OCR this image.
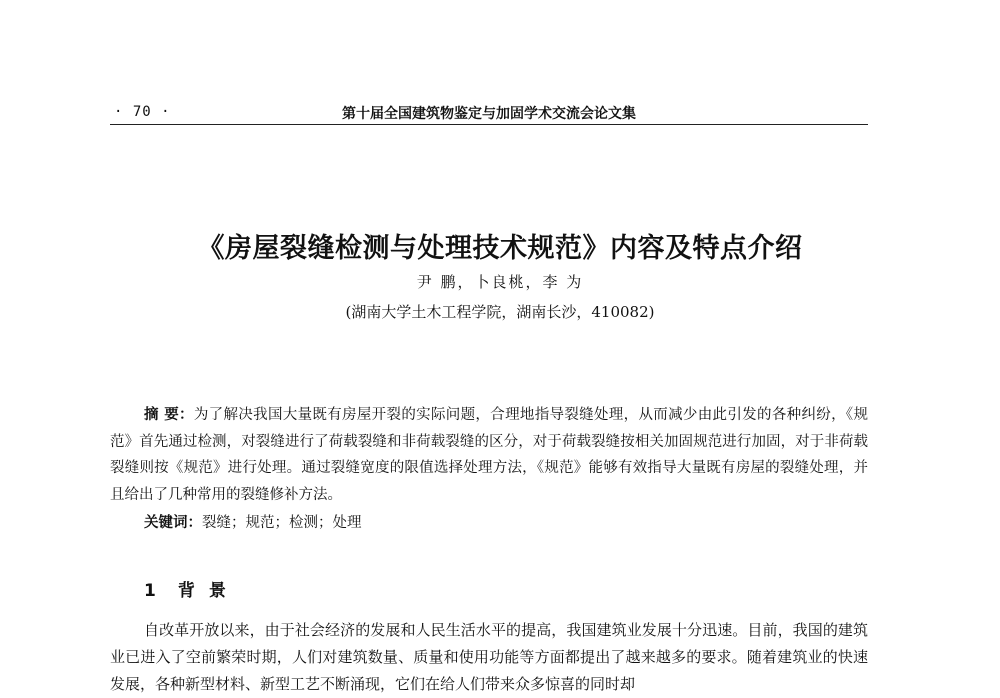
· 70 ·	第十届全国建筑物鉴定与加固学术交流会论文集
《房屋裂缝检测与处理技术规范》内容及特点介绍
尹 鹏，卜良桃，李 为
(湖南大学土木工程学院，湖南长沙，410082)

摘 要：为了解决我国大量既有房屋开裂的实际问题，合理地指导裂缝处理，从而减少由此引发的各种纠纷，《规范》首先通过检测，对裂缝进行了荷载裂缝和非荷载裂缝的区分，对于荷载裂缝按相关加固规范进行加固，对于非荷载裂缝则按《规范》进行处理。通过裂缝宽度的限值选择处理方法，《规范》能够有效指导大量既有房屋的裂缝处理，并且给出了几种常用的裂缝修补方法。

关键词：裂缝；规范；检测；处理
1 背景

自改革开放以来，由于社会经济的发展和人民生活水平的提高，我国建筑业发展十分迅速。目前，我国的建筑业已进入了空前繁荣时期，人们对建筑数量、质量和使用功能等方面都提出了越来越多的要求。随着建筑业的快速发展，各种新型材料、新型工艺不断涌现，它们在给人们带来众多惊喜的同时却
